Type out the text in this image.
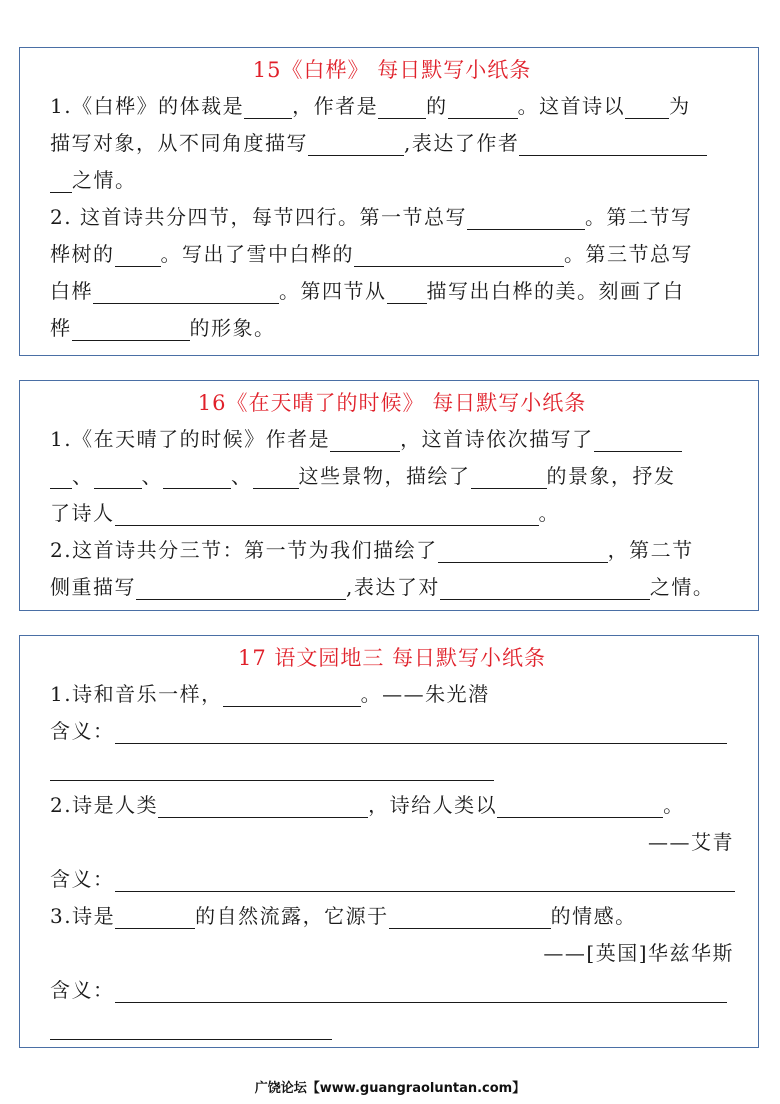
15《白桦》 每日默写小纸条
1.《白桦》的体裁是 ，作者是 的	。这首诗以 为
描写对象，从不同角度描写	,表达了作者
之情。
2. 这首诗共分四节，每节四行。第一节总写	。第二节写
桦树的 。写出了雪中白桦的	。第三节总写
白桦	。第四节从 描写出白桦的美。刻画了白
桦	的形象。
16《在天晴了的时候》 每日默写小纸条
1.《在天晴了的时候》作者是	，这首诗依次描写了
、 、	、 这些景物，描绘了	的景象，抒发
了诗人	。
2.这首诗共分三节：第一节为我们描绘了	，第二节
侧重描写	,表达了对	之情。
17 语文园地三 每日默写小纸条
1.诗和音乐一样，	。——朱光潜
含义：
2.诗是人类	，诗给人类以	。
——艾青
含义：
3.诗是	的自然流露，它源于	的情感。
——[英国]华兹华斯
含义：
广饶论坛【www.guangraoluntan.com】
